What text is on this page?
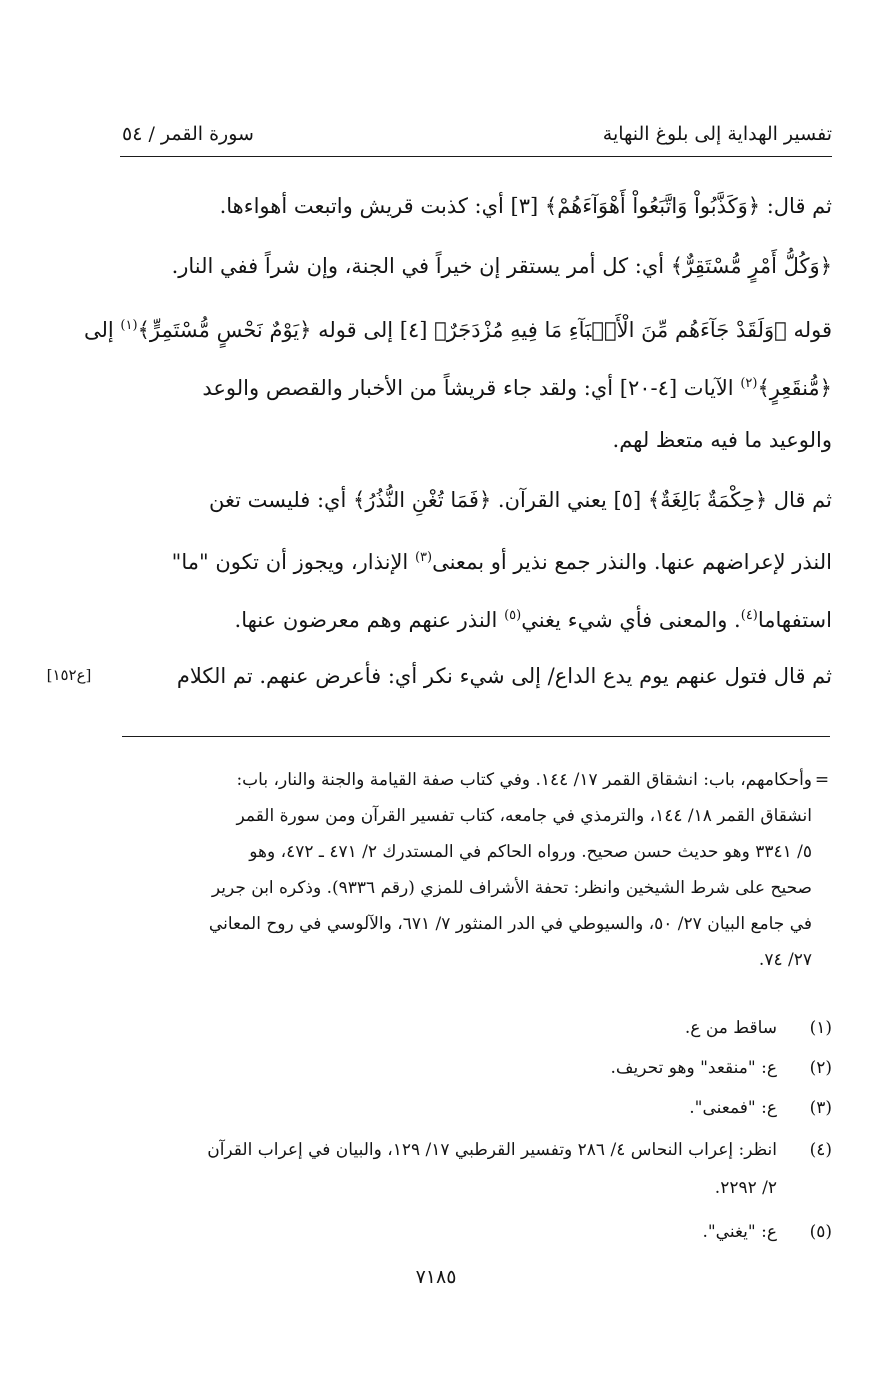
تفسير الهداية إلى بلوغ النهاية
سورة القمر / ٥٤
ثم قال: ﴿وَكَذَّبُواْ وَاتَّبَعُواْ أَهْوَآءَهُمْ﴾ [٣] أي: كذبت قريش واتبعت أهواءها.
﴿وَكُلُّ أَمْرٍ مُّسْتَقِرٌّ﴾ أي: كل أمر يستقر إن خيراً في الجنة، وإن شراً ففي النار.
قوله ﴿وَلَقَدْ جَآءَهُم مِّنَ الْأَنۢبَآءِ مَا فِيهِ مُزْدَجَرٌ﴾ [٤] إلى قوله ﴿يَوْمٌ نَحْسٍ مُّسْتَمِرٍّ﴾$^{(١)}$ إلى
﴿مُّنقَعِرٍ﴾$^{(٢)}$ الآيات [٤-٢٠] أي: ولقد جاء قريشاً من الأخبار والقصص والوعد
والوعيد ما فيه متعظ لهم.
ثم قال ﴿حِكْمَةٌ بَالِغَةٌ﴾ [٥] يعني القرآن. ﴿فَمَا تُغْنِ النُّذُرُ﴾ أي: فليست تغن
النذر لإعراضهم عنها. والنذر جمع نذير أو بمعنى$^{(٣)}$ الإنذار، ويجوز أن تكون "ما"
استفهاما$^{(٤)}$. والمعنى فأي شيء يغني$^{(٥)}$ النذر عنهم وهم معرضون عنها.
ثم قال فتول عنهم يوم يدع الداع/ إلى شيء نكر أي: فأعرض عنهم. تم الكلام
[ع١٥٢]
=
وأحكامهم، باب: انشقاق القمر ١٧/ ١٤٤. وفي كتاب صفة القيامة والجنة والنار، باب:
انشقاق القمر ١٨/ ١٤٤، والترمذي في جامعه، كتاب تفسير القرآن ومن سورة القمر
٥/ ٣٣٤١ وهو حديث حسن صحيح. ورواه الحاكم في المستدرك ٢/ ٤٧١ ـ ٤٧٢، وهو
صحيح على شرط الشيخين وانظر: تحفة الأشراف للمزي (رقم ٩٣٣٦). وذكره ابن جرير
في جامع البيان ٢٧/ ٥٠، والسيوطي في الدر المنثور ٧/ ٦٧١، والآلوسي في روح المعاني
٢٧/ ٧٤.
(١)ساقط من ع.
(٢)ع: "منقعد" وهو تحريف.
(٣)ع: "فمعنى".
(٤)انظر: إعراب النحاس ٤/ ٢٨٦ وتفسير القرطبي ١٧/ ١٢٩، والبيان في إعراب القرآن
٢/ ٢٢٩٢.
(٥)ع: "يغني".
٧١٨٥
